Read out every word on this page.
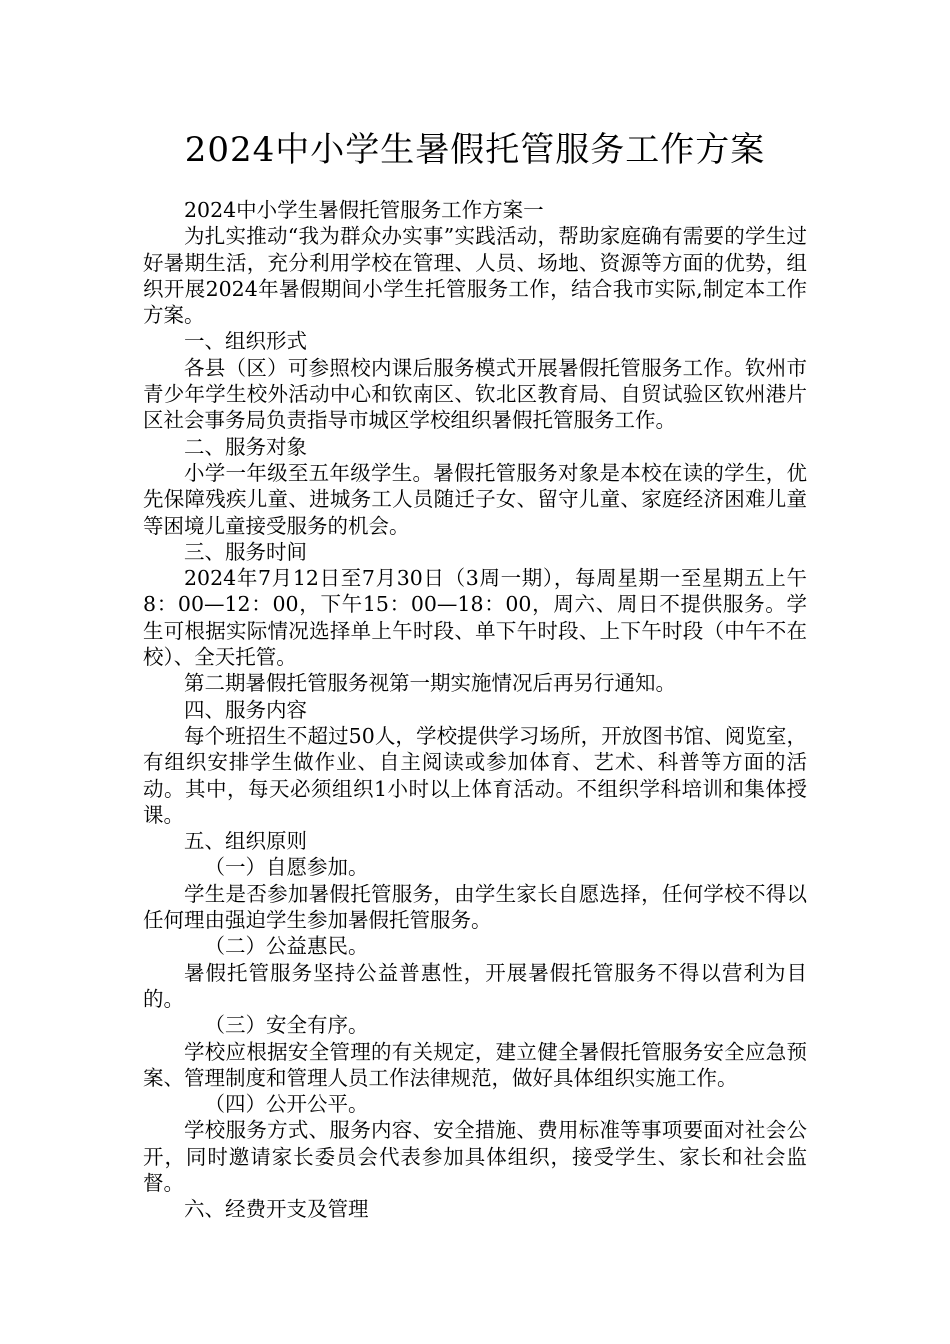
2024中小学生暑假托管服务工作方案

2024中小学生暑假托管服务工作方案一

为扎实推动“我为群众办实事”实践活动，帮助家庭确有需要的学生过好暑期生活，充分利用学校在管理、人员、场地、资源等方面的优势，组织开展2024年暑假期间小学生托管服务工作，结合我市实际,制定本工作方案。

一、组织形式

各县（区）可参照校内课后服务模式开展暑假托管服务工作。钦州市青少年学生校外活动中心和钦南区、钦北区教育局、自贸试验区钦州港片区社会事务局负责指导市城区学校组织暑假托管服务工作。

二、服务对象

小学一年级至五年级学生。暑假托管服务对象是本校在读的学生，优先保障残疾儿童、进城务工人员随迁子女、留守儿童、家庭经济困难儿童等困境儿童接受服务的机会。

三、服务时间

2024年7月12日至7月30日（3周一期），每周星期一至星期五上午8：00—12：00，下午15：00—18：00，周六、周日不提供服务。学生可根据实际情况选择单上午时段、单下午时段、上下午时段（中午不在校）、全天托管。

第二期暑假托管服务视第一期实施情况后再另行通知。

四、服务内容

每个班招生不超过50人，学校提供学习场所，开放图书馆、阅览室，有组织安排学生做作业、自主阅读或参加体育、艺术、科普等方面的活动。其中，每天必须组织1小时以上体育活动。不组织学科培训和集体授课。

五、组织原则

（一）自愿参加。

学生是否参加暑假托管服务，由学生家长自愿选择，任何学校不得以任何理由强迫学生参加暑假托管服务。

（二）公益惠民。

暑假托管服务坚持公益普惠性，开展暑假托管服务不得以营利为目的。

（三）安全有序。

学校应根据安全管理的有关规定，建立健全暑假托管服务安全应急预案、管理制度和管理人员工作法律规范，做好具体组织实施工作。

（四）公开公平。

学校服务方式、服务内容、安全措施、费用标准等事项要面对社会公开，同时邀请家长委员会代表参加具体组织，接受学生、家长和社会监督。

六、经费开支及管理
